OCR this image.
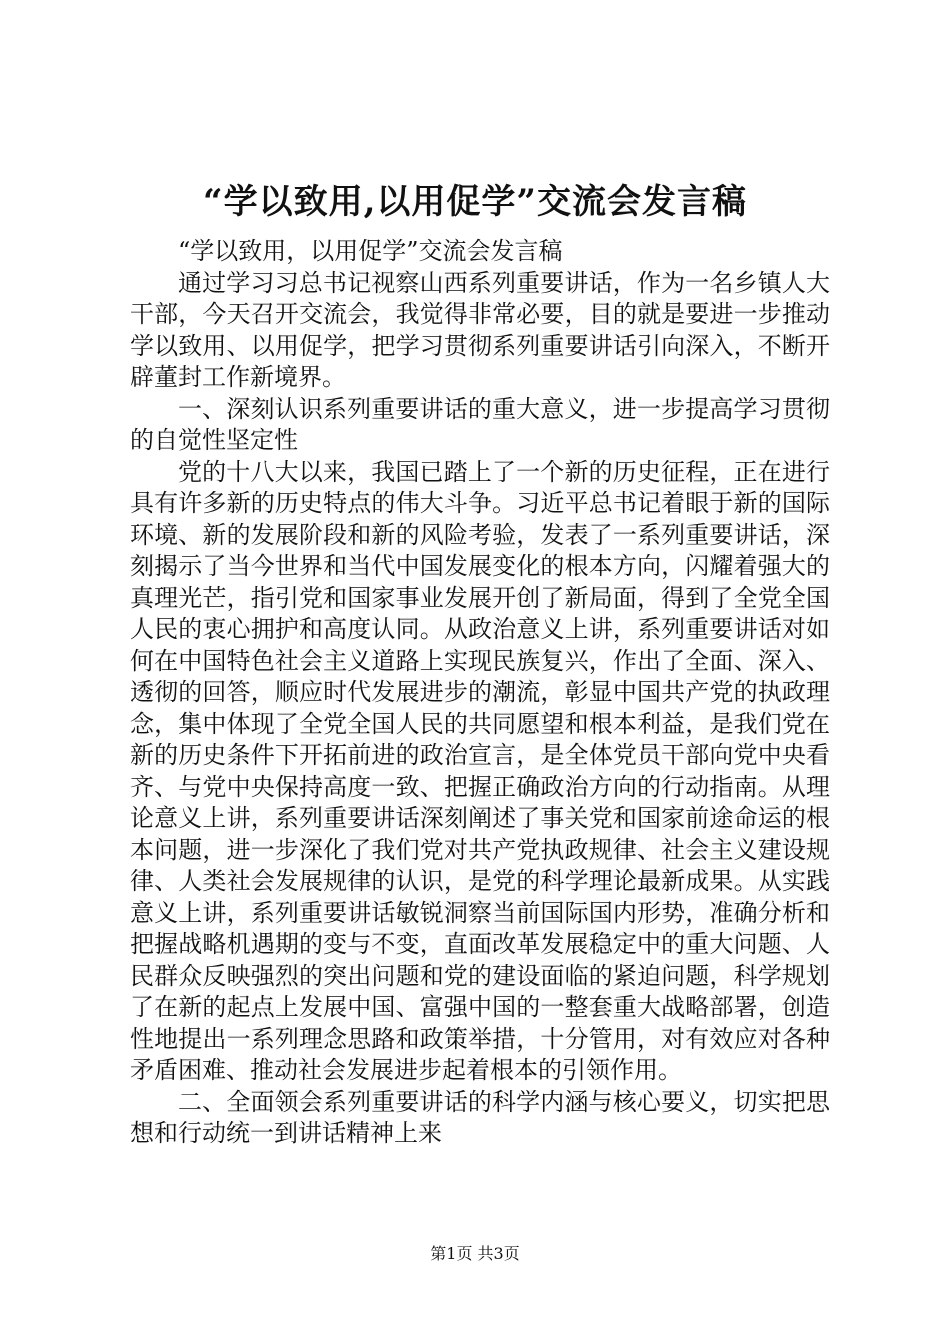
“学以致用,以用促学”交流会发言稿

“学以致用，以用促学”交流会发言稿

通过学习习总书记视察山西系列重要讲话，作为一名乡镇人大干部，今天召开交流会，我觉得非常必要，目的就是要进一步推动学以致用、以用促学，把学习贯彻系列重要讲话引向深入，不断开辟董封工作新境界。

一、深刻认识系列重要讲话的重大意义，进一步提高学习贯彻的自觉性坚定性

党的十八大以来，我国已踏上了一个新的历史征程，正在进行具有许多新的历史特点的伟大斗争。习近平总书记着眼于新的国际环境、新的发展阶段和新的风险考验，发表了一系列重要讲话，深刻揭示了当今世界和当代中国发展变化的根本方向，闪耀着强大的真理光芒，指引党和国家事业发展开创了新局面，得到了全党全国人民的衷心拥护和高度认同。从政治意义上讲，系列重要讲话对如何在中国特色社会主义道路上实现民族复兴，作出了全面、深入、透彻的回答，顺应时代发展进步的潮流，彰显中国共产党的执政理念，集中体现了全党全国人民的共同愿望和根本利益，是我们党在新的历史条件下开拓前进的政治宣言，是全体党员干部向党中央看齐、与党中央保持高度一致、把握正确政治方向的行动指南。从理论意义上讲，系列重要讲话深刻阐述了事关党和国家前途命运的根本问题，进一步深化了我们党对共产党执政规律、社会主义建设规律、人类社会发展规律的认识，是党的科学理论最新成果。从实践意义上讲，系列重要讲话敏锐洞察当前国际国内形势，准确分析和把握战略机遇期的变与不变，直面改革发展稳定中的重大问题、人民群众反映强烈的突出问题和党的建设面临的紧迫问题，科学规划了在新的起点上发展中国、富强中国的一整套重大战略部署，创造性地提出一系列理念思路和政策举措，十分管用，对有效应对各种矛盾困难、推动社会发展进步起着根本的引领作用。

二、全面领会系列重要讲话的科学内涵与核心要义，切实把思想和行动统一到讲话精神上来

第1页 共3页
